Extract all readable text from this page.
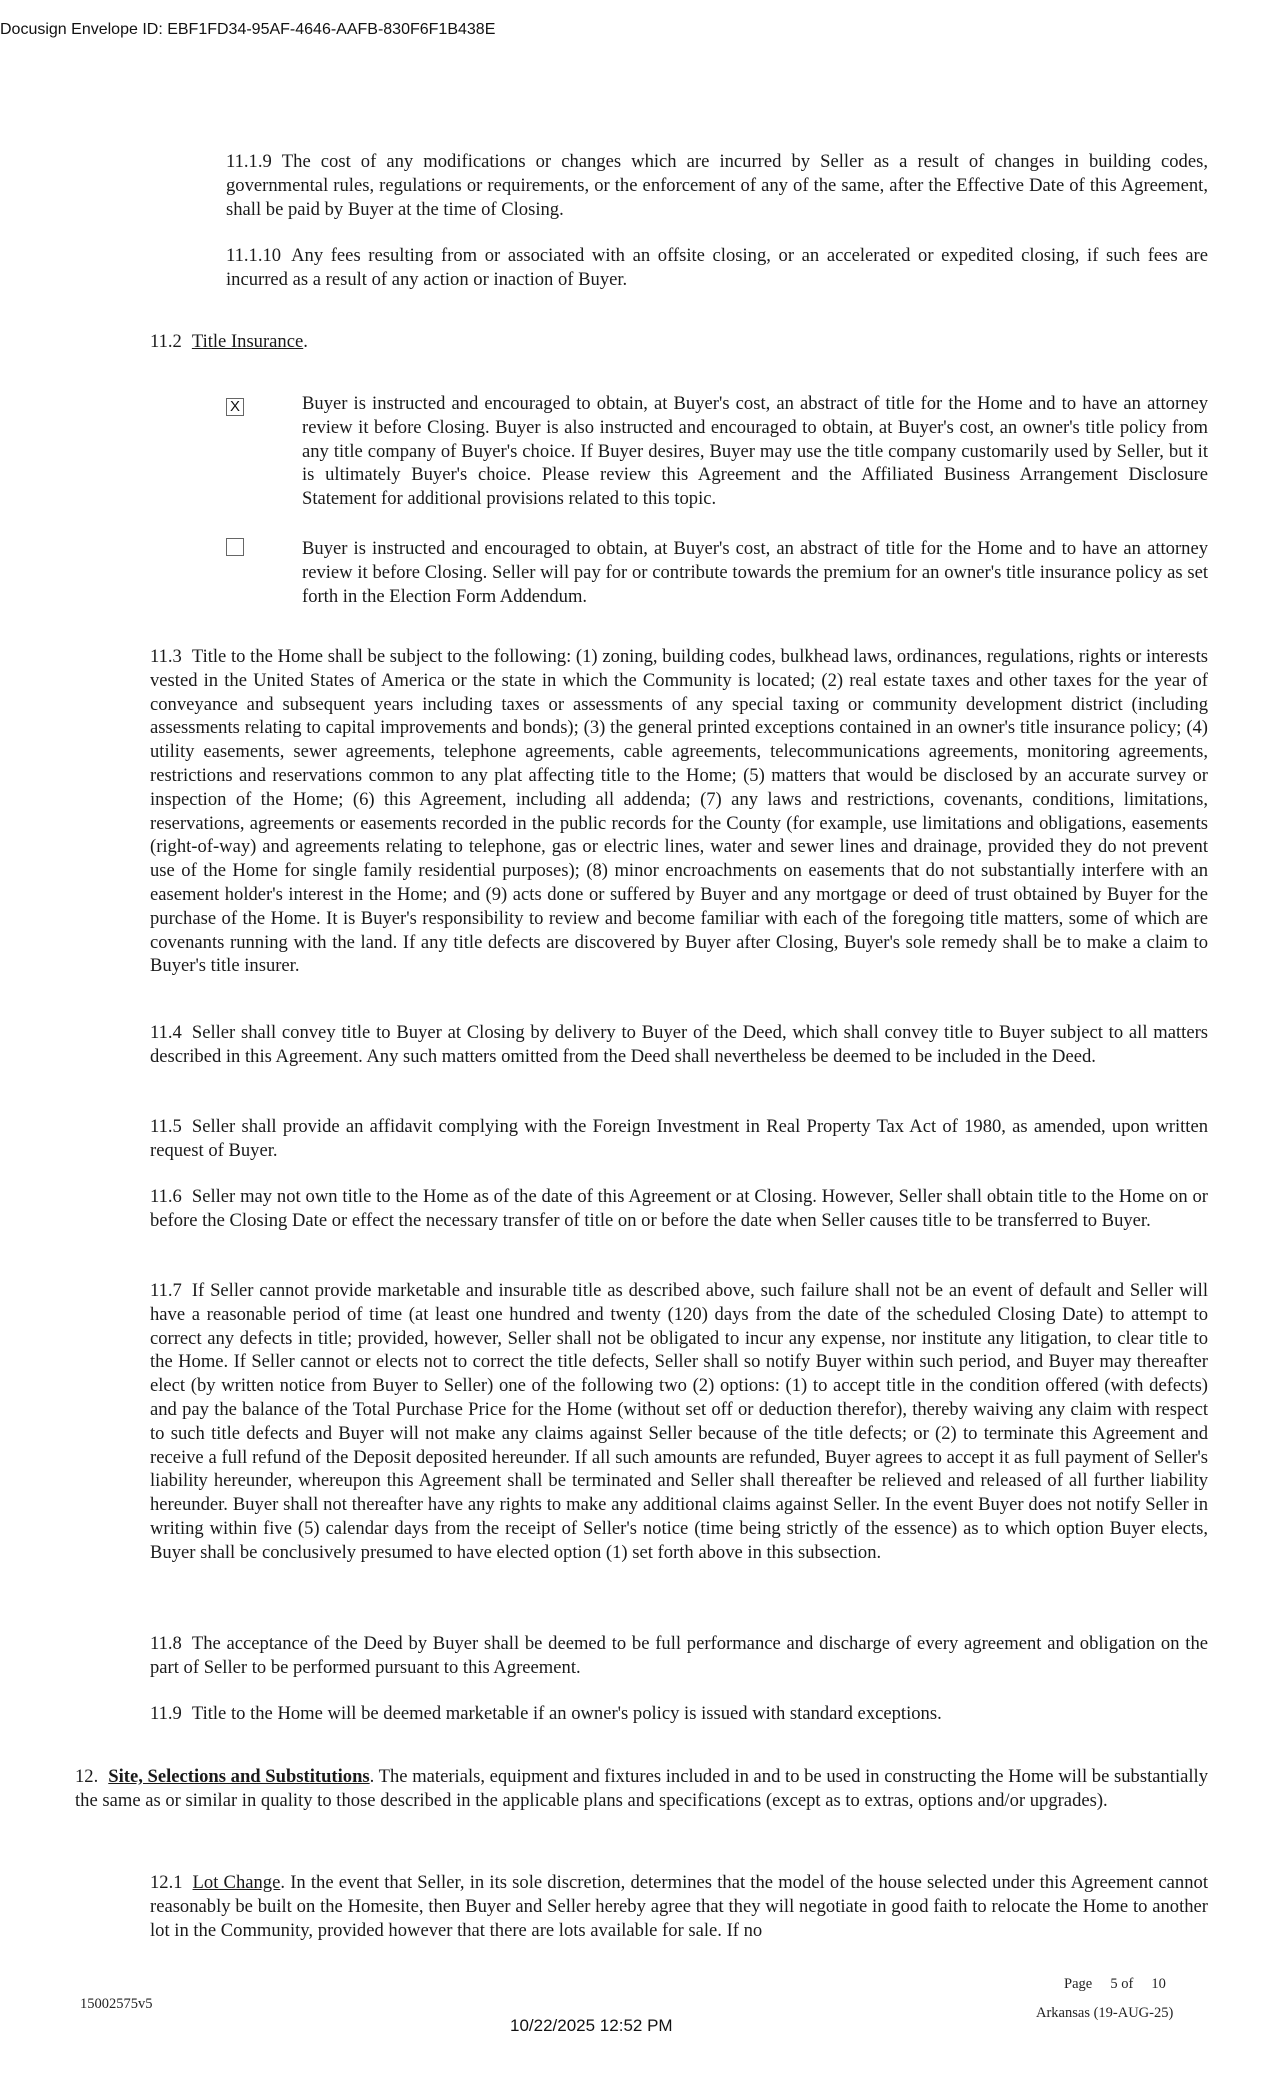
Docusign Envelope ID: EBF1FD34-95AF-4646-AAFB-830F6F1B438E

11.1.9 The cost of any modifications or changes which are incurred by Seller as a result of changes in building codes, governmental rules, regulations or requirements, or the enforcement of any of the same, after the Effective Date of this Agreement, shall be paid by Buyer at the time of Closing.

11.1.10 Any fees resulting from or associated with an offsite closing, or an accelerated or expedited closing, if such fees are incurred as a result of any action or inaction of Buyer.

11.2 Title Insurance.

X	Buyer is instructed and encouraged to obtain, at Buyer's cost, an abstract of title for the Home and to have an attorney review it before Closing. Buyer is also instructed and encouraged to obtain, at Buyer's cost, an owner's title policy from any title company of Buyer's choice. If Buyer desires, Buyer may use the title company customarily used by Seller, but it is ultimately Buyer's choice. Please review this Agreement and the Affiliated Business Arrangement Disclosure Statement for additional provisions related to this topic.

Buyer is instructed and encouraged to obtain, at Buyer's cost, an abstract of title for the Home and to have an attorney review it before Closing. Seller will pay for or contribute towards the premium for an owner's title insurance policy as set forth in the Election Form Addendum.

11.3 Title to the Home shall be subject to the following: (1) zoning, building codes, bulkhead laws, ordinances, regulations, rights or interests vested in the United States of America or the state in which the Community is located; (2) real estate taxes and other taxes for the year of conveyance and subsequent years including taxes or assessments of any special taxing or community development district (including assessments relating to capital improvements and bonds); (3) the general printed exceptions contained in an owner's title insurance policy; (4) utility easements, sewer agreements, telephone agreements, cable agreements, telecommunications agreements, monitoring agreements, restrictions and reservations common to any plat affecting title to the Home; (5) matters that would be disclosed by an accurate survey or inspection of the Home; (6) this Agreement, including all addenda; (7) any laws and restrictions, covenants, conditions, limitations, reservations, agreements or easements recorded in the public records for the County (for example, use limitations and obligations, easements (right-of-way) and agreements relating to telephone, gas or electric lines, water and sewer lines and drainage, provided they do not prevent use of the Home for single family residential purposes); (8) minor encroachments on easements that do not substantially interfere with an easement holder's interest in the Home; and (9) acts done or suffered by Buyer and any mortgage or deed of trust obtained by Buyer for the purchase of the Home. It is Buyer's responsibility to review and become familiar with each of the foregoing title matters, some of which are covenants running with the land. If any title defects are discovered by Buyer after Closing, Buyer's sole remedy shall be to make a claim to Buyer's title insurer.

11.4 Seller shall convey title to Buyer at Closing by delivery to Buyer of the Deed, which shall convey title to Buyer subject to all matters described in this Agreement. Any such matters omitted from the Deed shall nevertheless be deemed to be included in the Deed.

11.5 Seller shall provide an affidavit complying with the Foreign Investment in Real Property Tax Act of 1980, as amended, upon written request of Buyer.

11.6 Seller may not own title to the Home as of the date of this Agreement or at Closing. However, Seller shall obtain title to the Home on or before the Closing Date or effect the necessary transfer of title on or before the date when Seller causes title to be transferred to Buyer.

11.7 If Seller cannot provide marketable and insurable title as described above, such failure shall not be an event of default and Seller will have a reasonable period of time (at least one hundred and twenty (120) days from the date of the scheduled Closing Date) to attempt to correct any defects in title; provided, however, Seller shall not be obligated to incur any expense, nor institute any litigation, to clear title to the Home. If Seller cannot or elects not to correct the title defects, Seller shall so notify Buyer within such period, and Buyer may thereafter elect (by written notice from Buyer to Seller) one of the following two (2) options: (1) to accept title in the condition offered (with defects) and pay the balance of the Total Purchase Price for the Home (without set off or deduction therefor), thereby waiving any claim with respect to such title defects and Buyer will not make any claims against Seller because of the title defects; or (2) to terminate this Agreement and receive a full refund of the Deposit deposited hereunder. If all such amounts are refunded, Buyer agrees to accept it as full payment of Seller's liability hereunder, whereupon this Agreement shall be terminated and Seller shall thereafter be relieved and released of all further liability hereunder. Buyer shall not thereafter have any rights to make any additional claims against Seller. In the event Buyer does not notify Seller in writing within five (5) calendar days from the receipt of Seller's notice (time being strictly of the essence) as to which option Buyer elects, Buyer shall be conclusively presumed to have elected option (1) set forth above in this subsection.

11.8 The acceptance of the Deed by Buyer shall be deemed to be full performance and discharge of every agreement and obligation on the part of Seller to be performed pursuant to this Agreement.

11.9 Title to the Home will be deemed marketable if an owner's policy is issued with standard exceptions.

12. Site, Selections and Substitutions. The materials, equipment and fixtures included in and to be used in constructing the Home will be substantially the same as or similar in quality to those described in the applicable plans and specifications (except as to extras, options and/or upgrades).

12.1 Lot Change. In the event that Seller, in its sole discretion, determines that the model of the house selected under this Agreement cannot reasonably be built on the Homesite, then Buyer and Seller hereby agree that they will negotiate in good faith to relocate the Home to another lot in the Community, provided however that there are lots available for sale. If no

Page 5 of 10
15002575v5
Arkansas (19-AUG-25)
10/22/2025 12:52 PM
